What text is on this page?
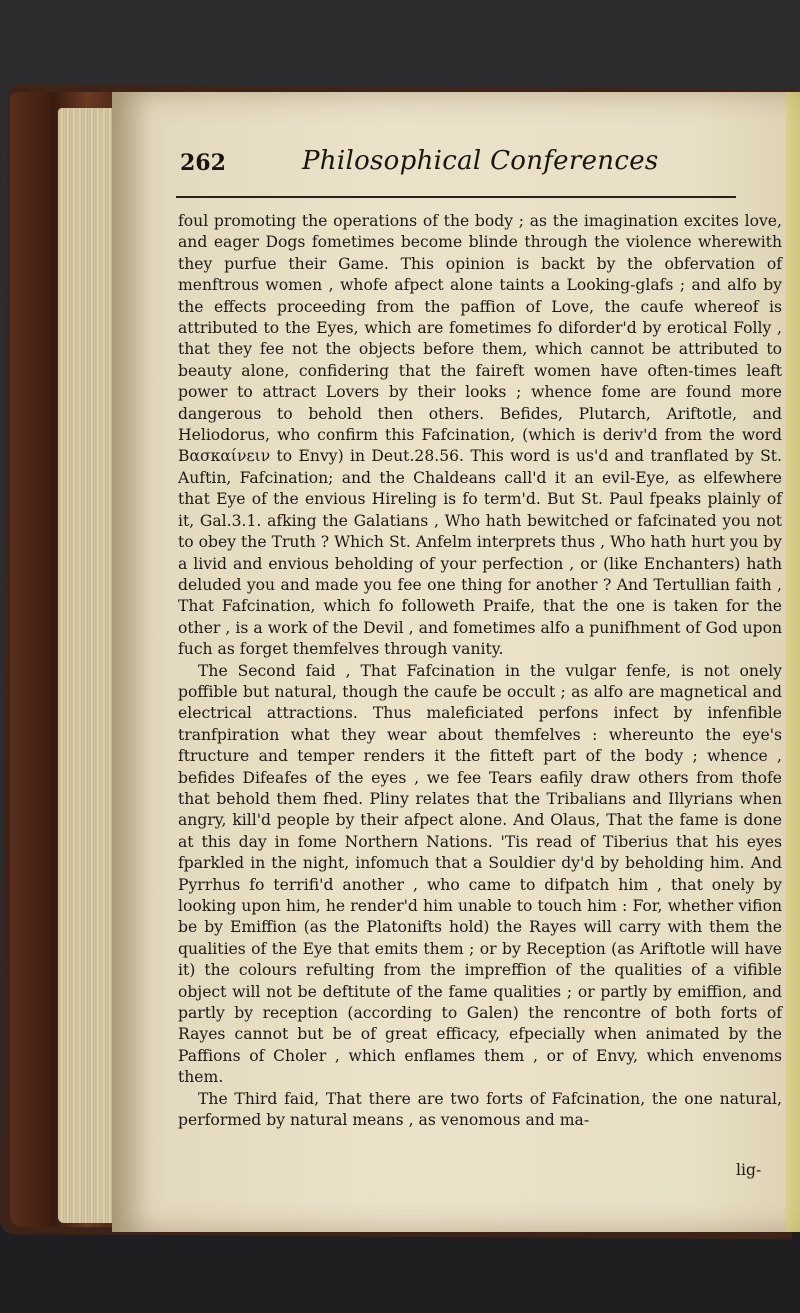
262	Philosophical Conferences

foul promoting the operations of the body ; as the imagination excites love, and eager Dogs fometimes become blinde through the violence wherewith they purfue their Game. This opinion is backt by the obfervation of menftrous women , whofe afpect alone taints a Looking-glafs ; and alfo by the effects proceeding from the paffion of Love, the caufe whereof is attributed to the Eyes, which are fometimes fo diforder'd by erotical Folly , that they fee not the objects before them, which cannot be attributed to beauty alone, confidering that the faireft women have often-times leaft power to attract Lovers by their looks ; whence fome are found more dangerous to behold then others. Befides, Plutarch, Ariftotle, and Heliodorus, who confirm this Fafcination, (which is deriv'd from the word Βασκαίνειν to Envy) in Deut.28.56. This word is us'd and tranflated by St. Auftin, Fafcination; and the Chaldeans call'd it an evil-Eye, as elfewhere that Eye of the envious Hireling is fo term'd. But St. Paul fpeaks plainly of it, Gal.3.1. afking the Galatians , Who hath bewitched or fafcinated you not to obey the Truth ? Which St. Anfelm interprets thus , Who hath hurt you by a livid and envious beholding of your perfection , or (like Enchanters) hath deluded you and made you fee one thing for another ? And Tertullian faith , That Fafcination, which fo followeth Praife, that the one is taken for the other , is a work of the Devil , and fometimes alfo a punifhment of God upon fuch as forget themfelves through vanity.

The Second faid , That Fafcination in the vulgar fenfe, is not onely poffible but natural, though the caufe be occult ; as alfo are magnetical and electrical attractions. Thus maleficiated perfons infect by infenfible tranfpiration what they wear about themfelves : whereunto the eye's ftructure and temper renders it the fitteft part of the body ; whence , befides Difeafes of the eyes , we fee Tears eafily draw others from thofe that behold them fhed. Pliny relates that the Tribalians and Illyrians when angry, kill'd people by their afpect alone. And Olaus, That the fame is done at this day in fome Northern Nations. 'Tis read of Tiberius that his eyes fparkled in the night, infomuch that a Souldier dy'd by beholding him. And Pyrrhus fo terrifi'd another , who came to difpatch him , that onely by looking upon him, he render'd him unable to touch him : For, whether vifion be by Emiffion (as the Platonifts hold) the Rayes will carry with them the qualities of the Eye that emits them ; or by Reception (as Ariftotle will have it) the colours refulting from the impreffion of the qualities of a vifible object will not be deftitute of the fame qualities ; or partly by emiffion, and partly by reception (according to Galen) the rencontre of both forts of Rayes cannot but be of great efficacy, efpecially when animated by the Paffions of Choler , which enflames them , or of Envy, which envenoms them.

The Third faid, That there are two forts of Fafcination, the one natural, performed by natural means , as venomous and ma-

lig-
